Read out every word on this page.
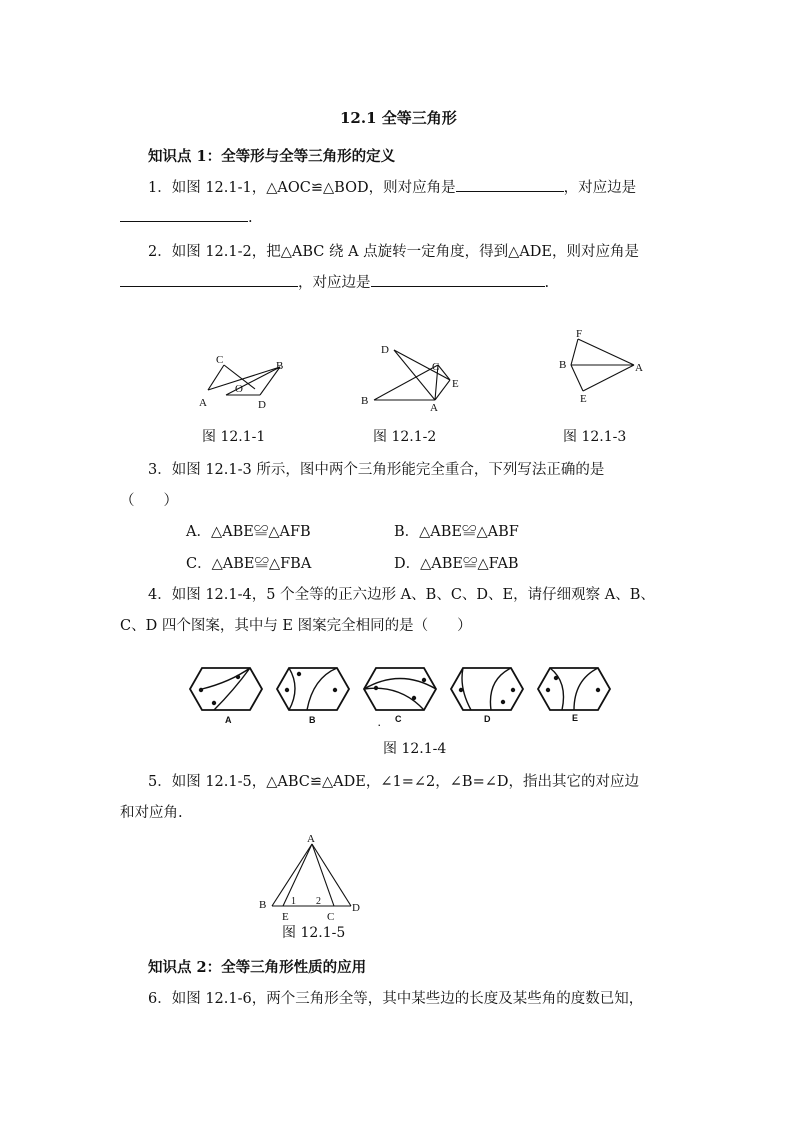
12.1 全等三角形
知识点 1：全等形与全等三角形的定义
1．如图 12.1-1，△AOC≌△BOD，则对应角是	，对应边是
.
2．如图 12.1-2，把△ABC 绕 A 点旋转一定角度，得到△ADE，则对应角是
，对应边是	.
C	B
O
A	D
图 12.1-1
D
C
E
B
A
图 12.1-2
F
B	A
E
图 12.1-3
3．如图 12.1-3 所示，图中两个三角形能完全重合，下列写法正确的是
（　　）
A．△ABE≌△AFB	B．△ABE≌△ABF
C．△ABE≌△FBA	D．△ABE≌△FAB
4．如图 12.1-4，5 个全等的正六边形 A、B、C、D、E，请仔细观察 A、B、
C、D 四个图案，其中与 E 图案完全相同的是（　　）
A	B	. C	D	E
图 12.1-4
5．如图 12.1-5，△ABC≌△ADE，∠1=∠2，∠B=∠D，指出其它的对应边
和对应角.
A
B	D
E	C
1 2
图 12.1-5
知识点 2：全等三角形性质的应用
6．如图 12.1-6，两个三角形全等，其中某些边的长度及某些角的度数已知，
